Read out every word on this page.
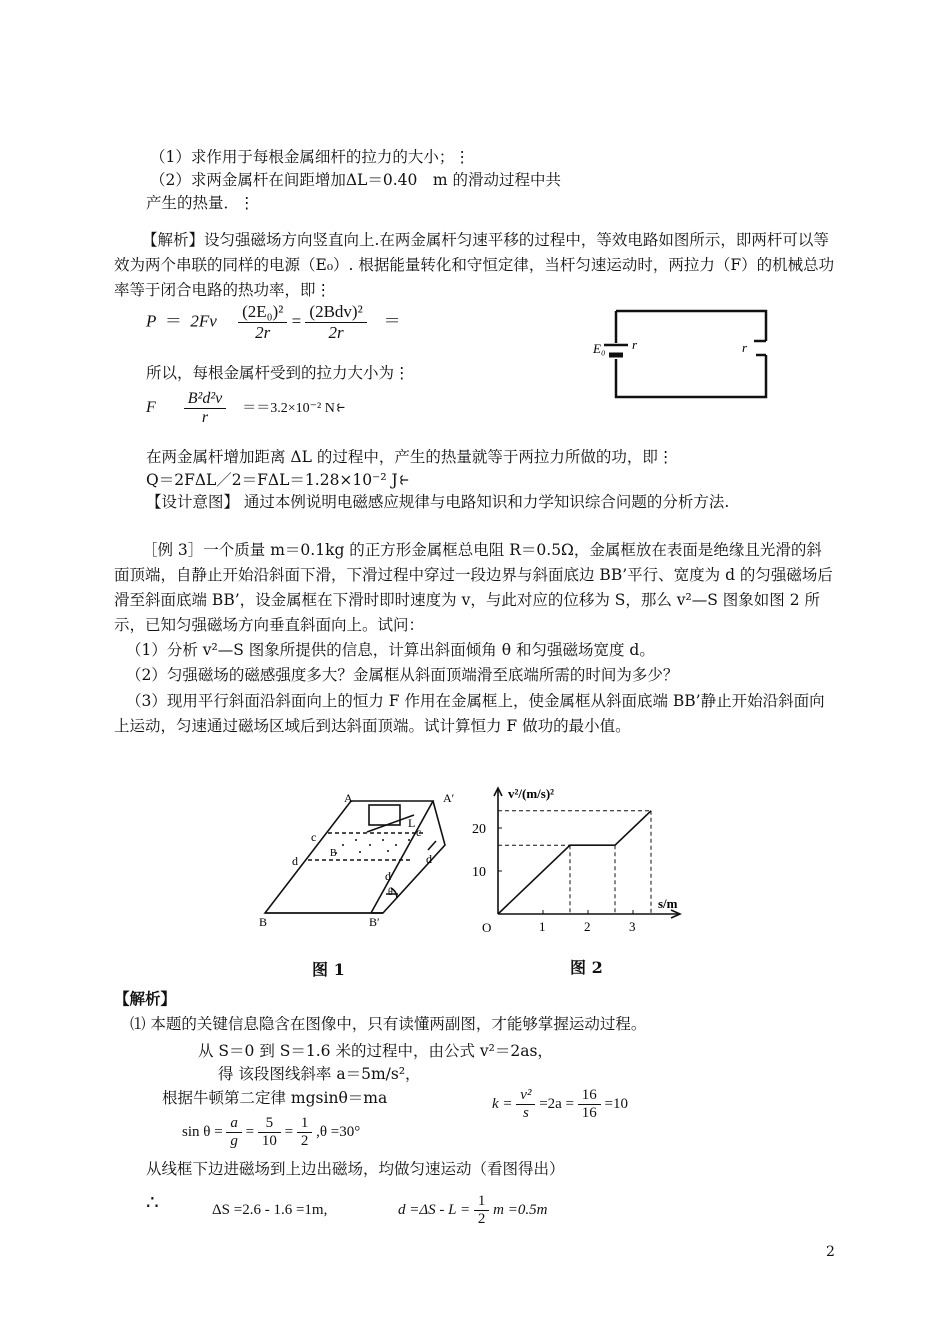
（1）求作用于每根金属细杆的拉力的大小；⋮
（2）求两金属杆在间距增加ΔL＝0.40　m 的滑动过程中共
产生的热量．⋮
【解析】设匀强磁场方向竖直向上.在两金属杆匀速平移的过程中，等效电路如图所示，即两杆可以等效为两个串联的同样的电源（E₀）. 根据能量转化和守恒定律，当杆匀速运动时，两拉力（F）的机械总功率等于闭合电路的热功率，即⋮
$P = 2Fv \frac{\text{(2E₀)²}}{2r} = \frac{\text{(2Bdv)²}}{2r}$ ＝
所以，每根金属杆受到的拉力大小为⋮
F $\frac{\text{B²d²v}}{r} ==3.2\times 10^{-2}$ N⥼
E₀ r	r
在两金属杆增加距离 ΔL 的过程中，产生的热量就等于两拉力所做的功，即⋮
Q＝2FΔL／2＝FΔL＝1.28×10⁻² J⥼
【设计意图】 通过本例说明电磁感应规律与电路知识和力学知识综合问题的分析方法.
［例 3］一个质量 m＝0.1kg 的正方形金属框总电阻 R＝0.5Ω，金属框放在表面是绝缘且光滑的斜面顶端，自静止开始沿斜面下滑，下滑过程中穿过一段边界与斜面底边 BB’平行、宽度为 d 的匀强磁场后滑至斜面底端 BB’，设金属框在下滑时即时速度为 v，与此对应的位移为 S，那么 v²—S 图象如图 2 所示，已知匀强磁场方向垂直斜面向上。试问：
（1）分析 v²—S 图象所提供的信息，计算出斜面倾角 θ 和匀强磁场宽度 d。
（2）匀强磁场的磁感强度多大？金属框从斜面顶端滑至底端所需的时间为多少？
（3）现用平行斜面沿斜面向上的恒力 F 作用在金属框上，使金属框从斜面底端 BB’静止开始沿斜面向上运动，匀速通过磁场区域后到达斜面顶端。试计算恒力 F 做功的最小值。
A	A′
L
c	c
d	d
d
B
θ
B	B′
图 1
1	2	3
10
20
v²/(m/s)²
s/m
O
图 2
【解析】
⑴ 本题的关键信息隐含在图像中，只有读懂两副图，才能够掌握运动过程。
从 S＝0 到 S＝1.6 米的过程中，由公式 v²＝2as，
得 该段图线斜率 a＝5m/s²，
根据牛顿第二定律 mgsinθ＝ma	$k = \frac{\text{v²}}{s} =2a = \frac{16}{16} =10$
$\sin \theta = \frac{a}{g} = \frac{5}{10} = \frac{1}{2} ,\theta =30^\circ$
从线框下边进磁场到上边出磁场，均做匀速运动（看图得出）
∴	ΔS =2.6 - 1.6 =1m,	$d =\Delta S - L = \frac{1}{2}$ m =0.5m
2
